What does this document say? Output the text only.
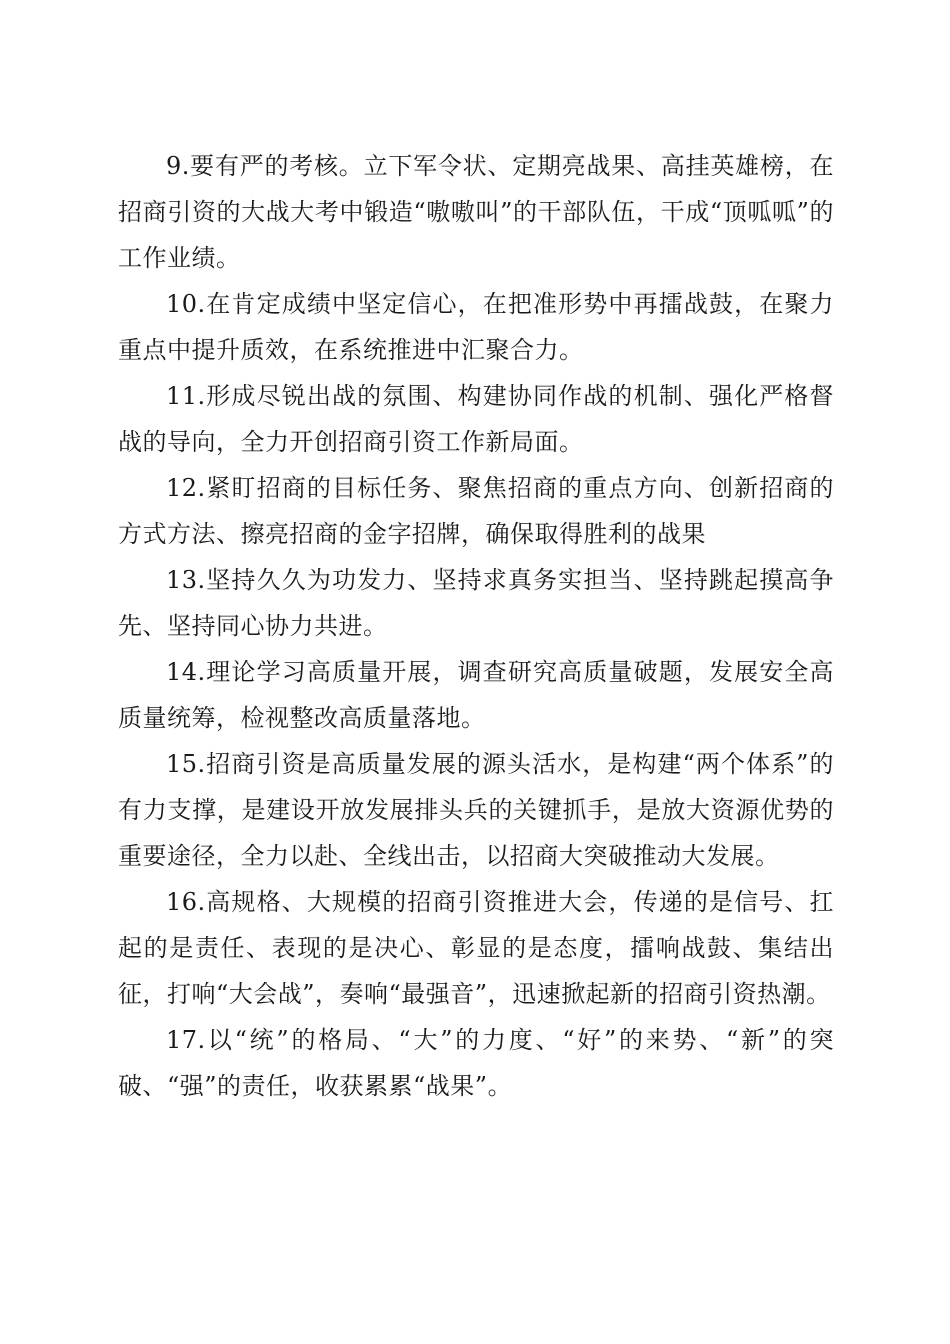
9.要有严的考核。立下军令状、定期亮战果、高挂英雄榜，在招商引资的大战大考中锻造“嗷嗷叫”的干部队伍，干成“顶呱呱”的工作业绩。

10.在肯定成绩中坚定信心，在把准形势中再擂战鼓，在聚力重点中提升质效，在系统推进中汇聚合力。

11.形成尽锐出战的氛围、构建协同作战的机制、强化严格督战的导向，全力开创招商引资工作新局面。

12.紧盯招商的目标任务、聚焦招商的重点方向、创新招商的方式方法、擦亮招商的金字招牌，确保取得胜利的战果

13.坚持久久为功发力、坚持求真务实担当、坚持跳起摸高争先、坚持同心协力共进。

14.理论学习高质量开展，调查研究高质量破题，发展安全高质量统筹，检视整改高质量落地。

15.招商引资是高质量发展的源头活水，是构建“两个体系”的有力支撑，是建设开放发展排头兵的关键抓手，是放大资源优势的重要途径，全力以赴、全线出击，以招商大突破推动大发展。

16.高规格、大规模的招商引资推进大会，传递的是信号、扛起的是责任、表现的是决心、彰显的是态度，擂响战鼓、集结出征，打响“大会战”，奏响“最强音”，迅速掀起新的招商引资热潮。

17.以“统”的格局、“大”的力度、“好”的来势、“新”的突破、“强”的责任，收获累累“战果”。
